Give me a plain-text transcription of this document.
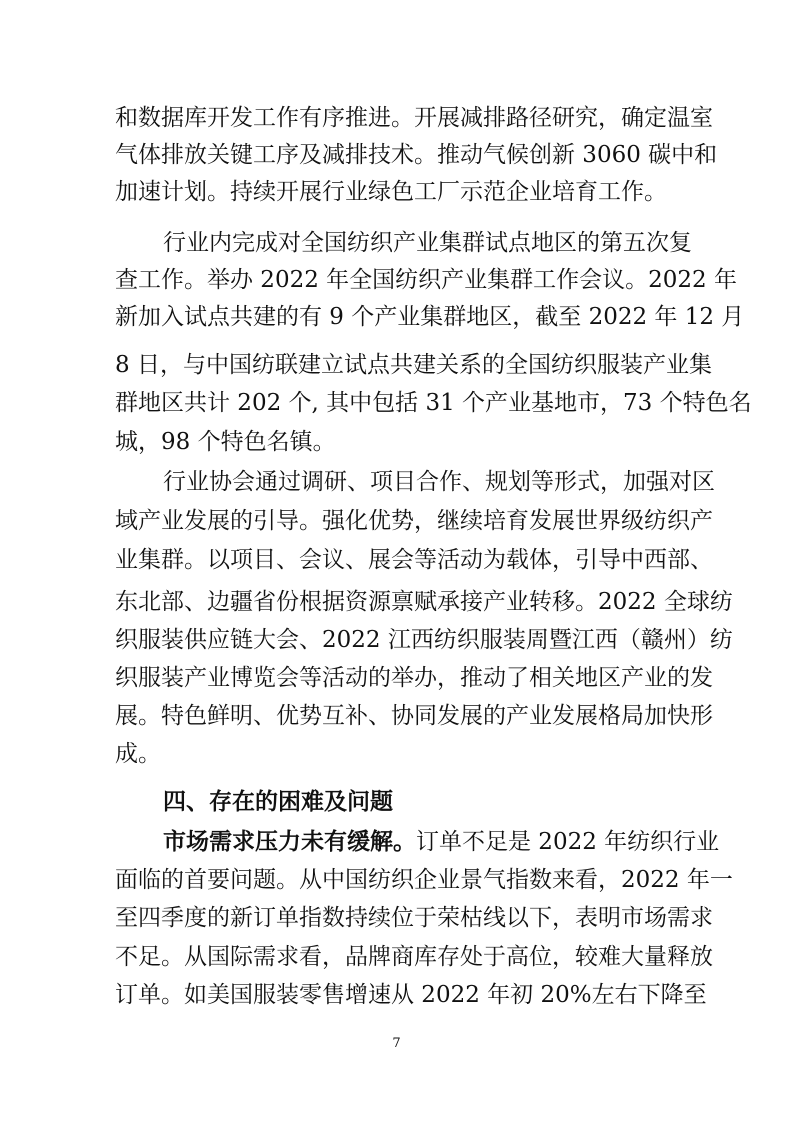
和数据库开发工作有序推进。开展减排路径研究，确定温室
气体排放关键工序及减排技术。推动气候创新 3060 碳中和
加速计划。持续开展行业绿色工厂示范企业培育工作。
行业内完成对全国纺织产业集群试点地区的第五次复
查工作。举办 2022 年全国纺织产业集群工作会议。2022 年
新加入试点共建的有 9 个产业集群地区，截至 2022 年 12 月
8 日，与中国纺联建立试点共建关系的全国纺织服装产业集
群地区共计 202 个, 其中包括 31 个产业基地市，73 个特色名
城，98 个特色名镇。
行业协会通过调研、项目合作、规划等形式，加强对区
域产业发展的引导。强化优势，继续培育发展世界级纺织产
业集群。以项目、会议、展会等活动为载体，引导中西部、
东北部、边疆省份根据资源禀赋承接产业转移。2022 全球纺
织服装供应链大会、2022 江西纺织服装周暨江西（赣州）纺
织服装产业博览会等活动的举办，推动了相关地区产业的发
展。特色鲜明、优势互补、协同发展的产业发展格局加快形
成。
四、存在的困难及问题
市场需求压力未有缓解。订单不足是 2022 年纺织行业
面临的首要问题。从中国纺织企业景气指数来看，2022 年一
至四季度的新订单指数持续位于荣枯线以下，表明市场需求
不足。从国际需求看，品牌商库存处于高位，较难大量释放
订单。如美国服装零售增速从 2022 年初 20%左右下降至
7
